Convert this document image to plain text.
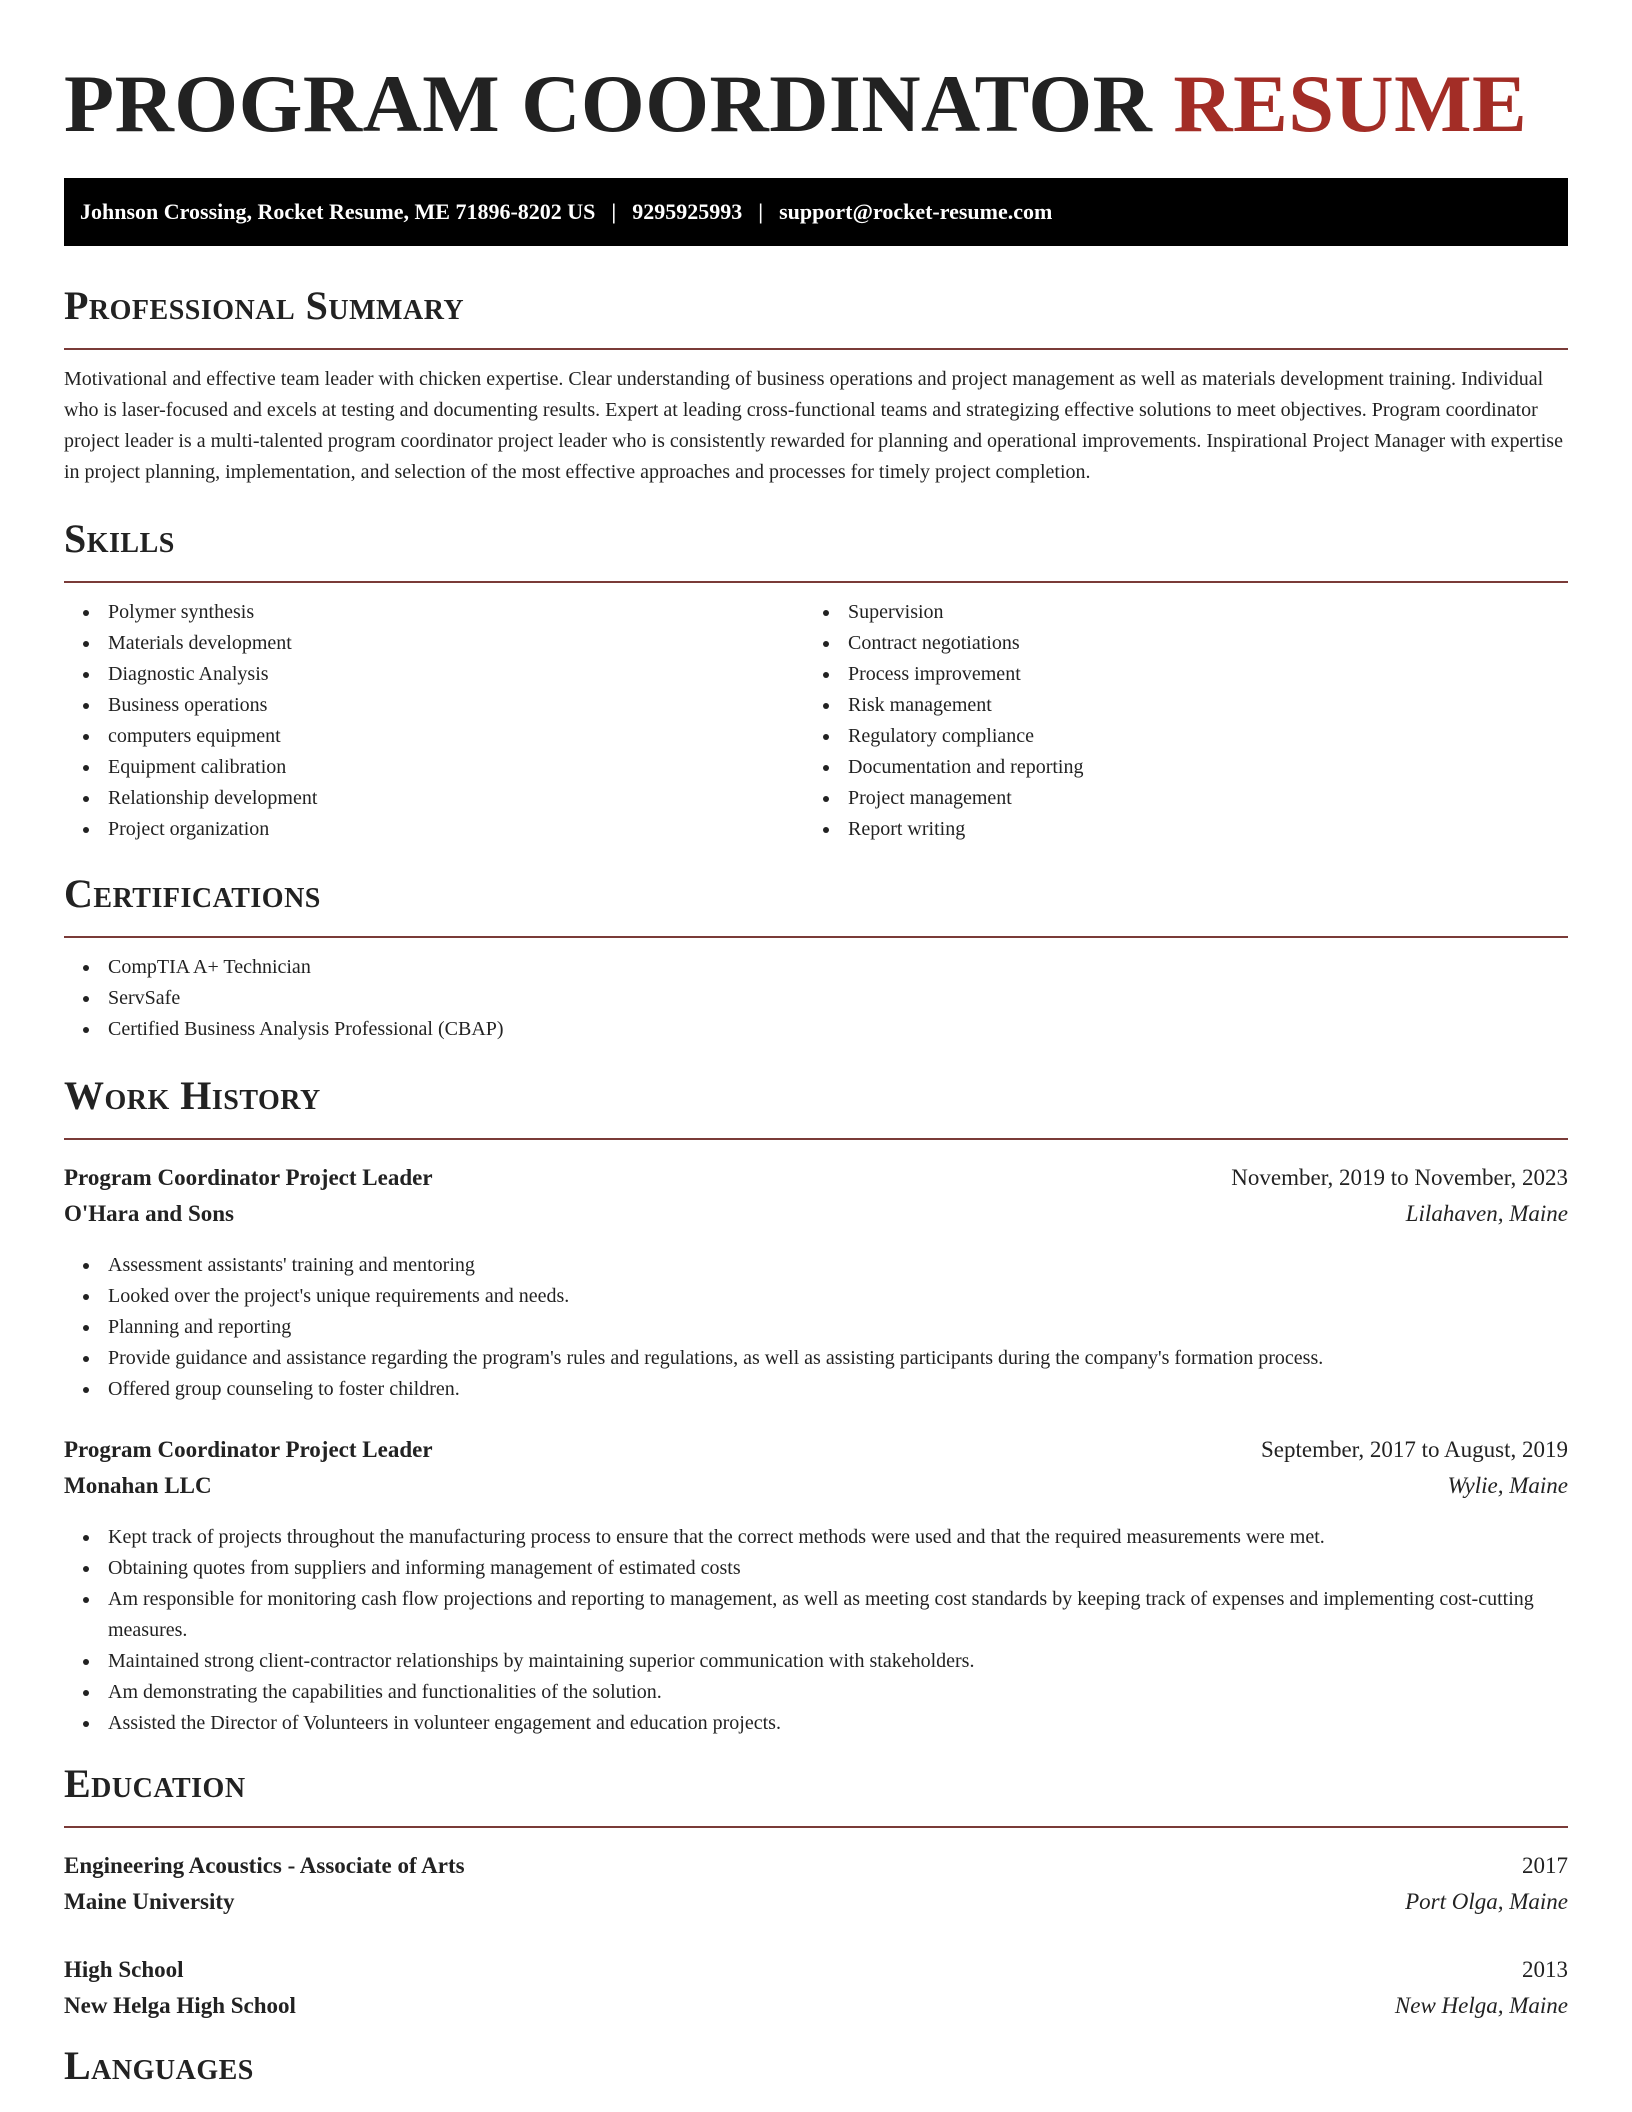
PROGRAM COORDINATOR RESUME
Johnson Crossing, Rocket Resume, ME 71896-8202 US | 9295925993 | support@rocket-resume.com
Professional Summary

Motivational and effective team leader with chicken expertise. Clear understanding of business operations and project management as well as materials development training. Individual who is laser-focused and excels at testing and documenting results. Expert at leading cross-functional teams and strategizing effective solutions to meet objectives. Program coordinator project leader is a multi-talented program coordinator project leader who is consistently rewarded for planning and operational improvements. Inspirational Project Manager with expertise in project planning, implementation, and selection of the most effective approaches and processes for timely project completion.

Skills
Polymer synthesis
Materials development
Diagnostic Analysis
Business operations
computers equipment
Equipment calibration
Relationship development
Project organization
Supervision
Contract negotiations
Process improvement
Risk management
Regulatory compliance
Documentation and reporting
Project management
Report writing
Certifications
CompTIA A+ Technician
ServSafe
Certified Business Analysis Professional (CBAP)
Work History
Program Coordinator Project Leader	November, 2019 to November, 2023
O'Hara and Sons	Lilahaven, Maine
Assessment assistants' training and mentoring
Looked over the project's unique requirements and needs.
Planning and reporting
Provide guidance and assistance regarding the program's rules and regulations, as well as assisting participants during the company's formation process.
Offered group counseling to foster children.
Program Coordinator Project Leader	September, 2017 to August, 2019
Monahan LLC	Wylie, Maine
Kept track of projects throughout the manufacturing process to ensure that the correct methods were used and that the required measurements were met.
Obtaining quotes from suppliers and informing management of estimated costs
Am responsible for monitoring cash flow projections and reporting to management, as well as meeting cost standards by keeping track of expenses and implementing cost-cutting measures.
Maintained strong client-contractor relationships by maintaining superior communication with stakeholders.
Am demonstrating the capabilities and functionalities of the solution.
Assisted the Director of Volunteers in volunteer engagement and education projects.
Education
Engineering Acoustics - Associate of Arts	2017
Maine University	Port Olga, Maine
High School	2013
New Helga High School	New Helga, Maine
Languages
